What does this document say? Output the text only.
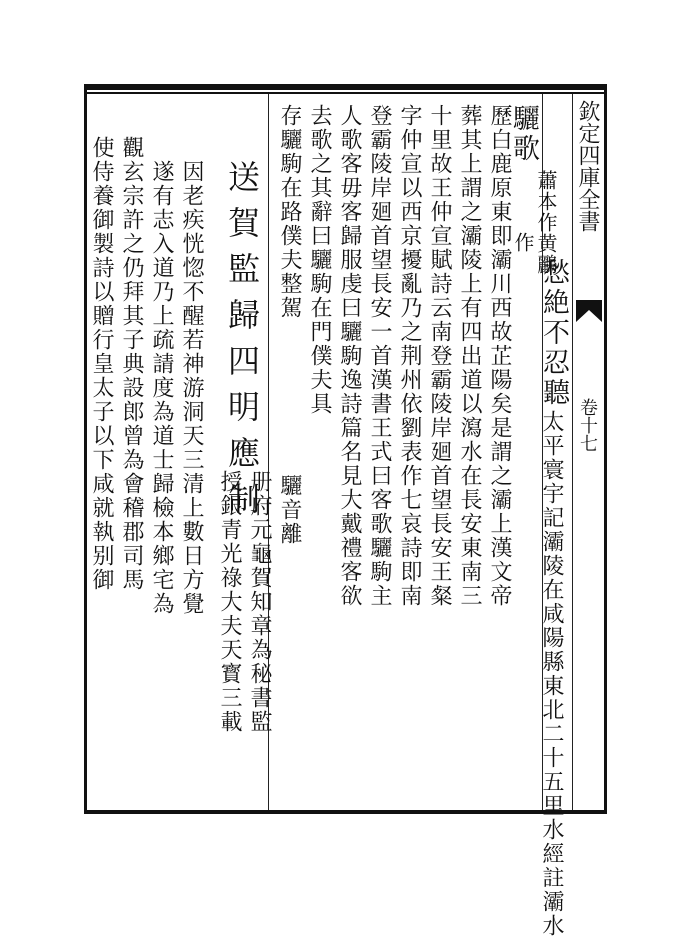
欽定四庫全書
卷十七
驪歌
蕭本作黄鸝
作
愁絶不忍聽
太平寰宇記灞陵在咸陽縣東北二十五里水經註灞水
歷白鹿原東即灞川西故芷陽矣是謂之灞上漢文帝
葬其上謂之灞陵上有四出道以瀉水在長安東南三
十里故王仲宣賦詩云南登霸陵岸廻首望長安王粲
字仲宣以西京擾亂乃之荆州依劉表作七哀詩即南
登霸陵岸廻首望長安一首漢書王式曰客歌驪駒主
人歌客毋客歸服虔曰驪駒逸詩篇名見大戴禮客欲
去歌之其辭曰驪駒在門僕夫具
存驪駒在路僕夫整駕
驪音離
送賀監歸四明應制
册府元龜賀知章為秘書監
授銀青光祿大夫天寳三載
因老疾恍惚不醒若神游洞天三清上數日方覺
遂有志入道乃上疏請度為道士歸檢本鄉宅為
觀玄宗許之仍拜其子典設郎曾為會稽郡司馬
使侍養御製詩以贈行皇太子以下咸就執别御
